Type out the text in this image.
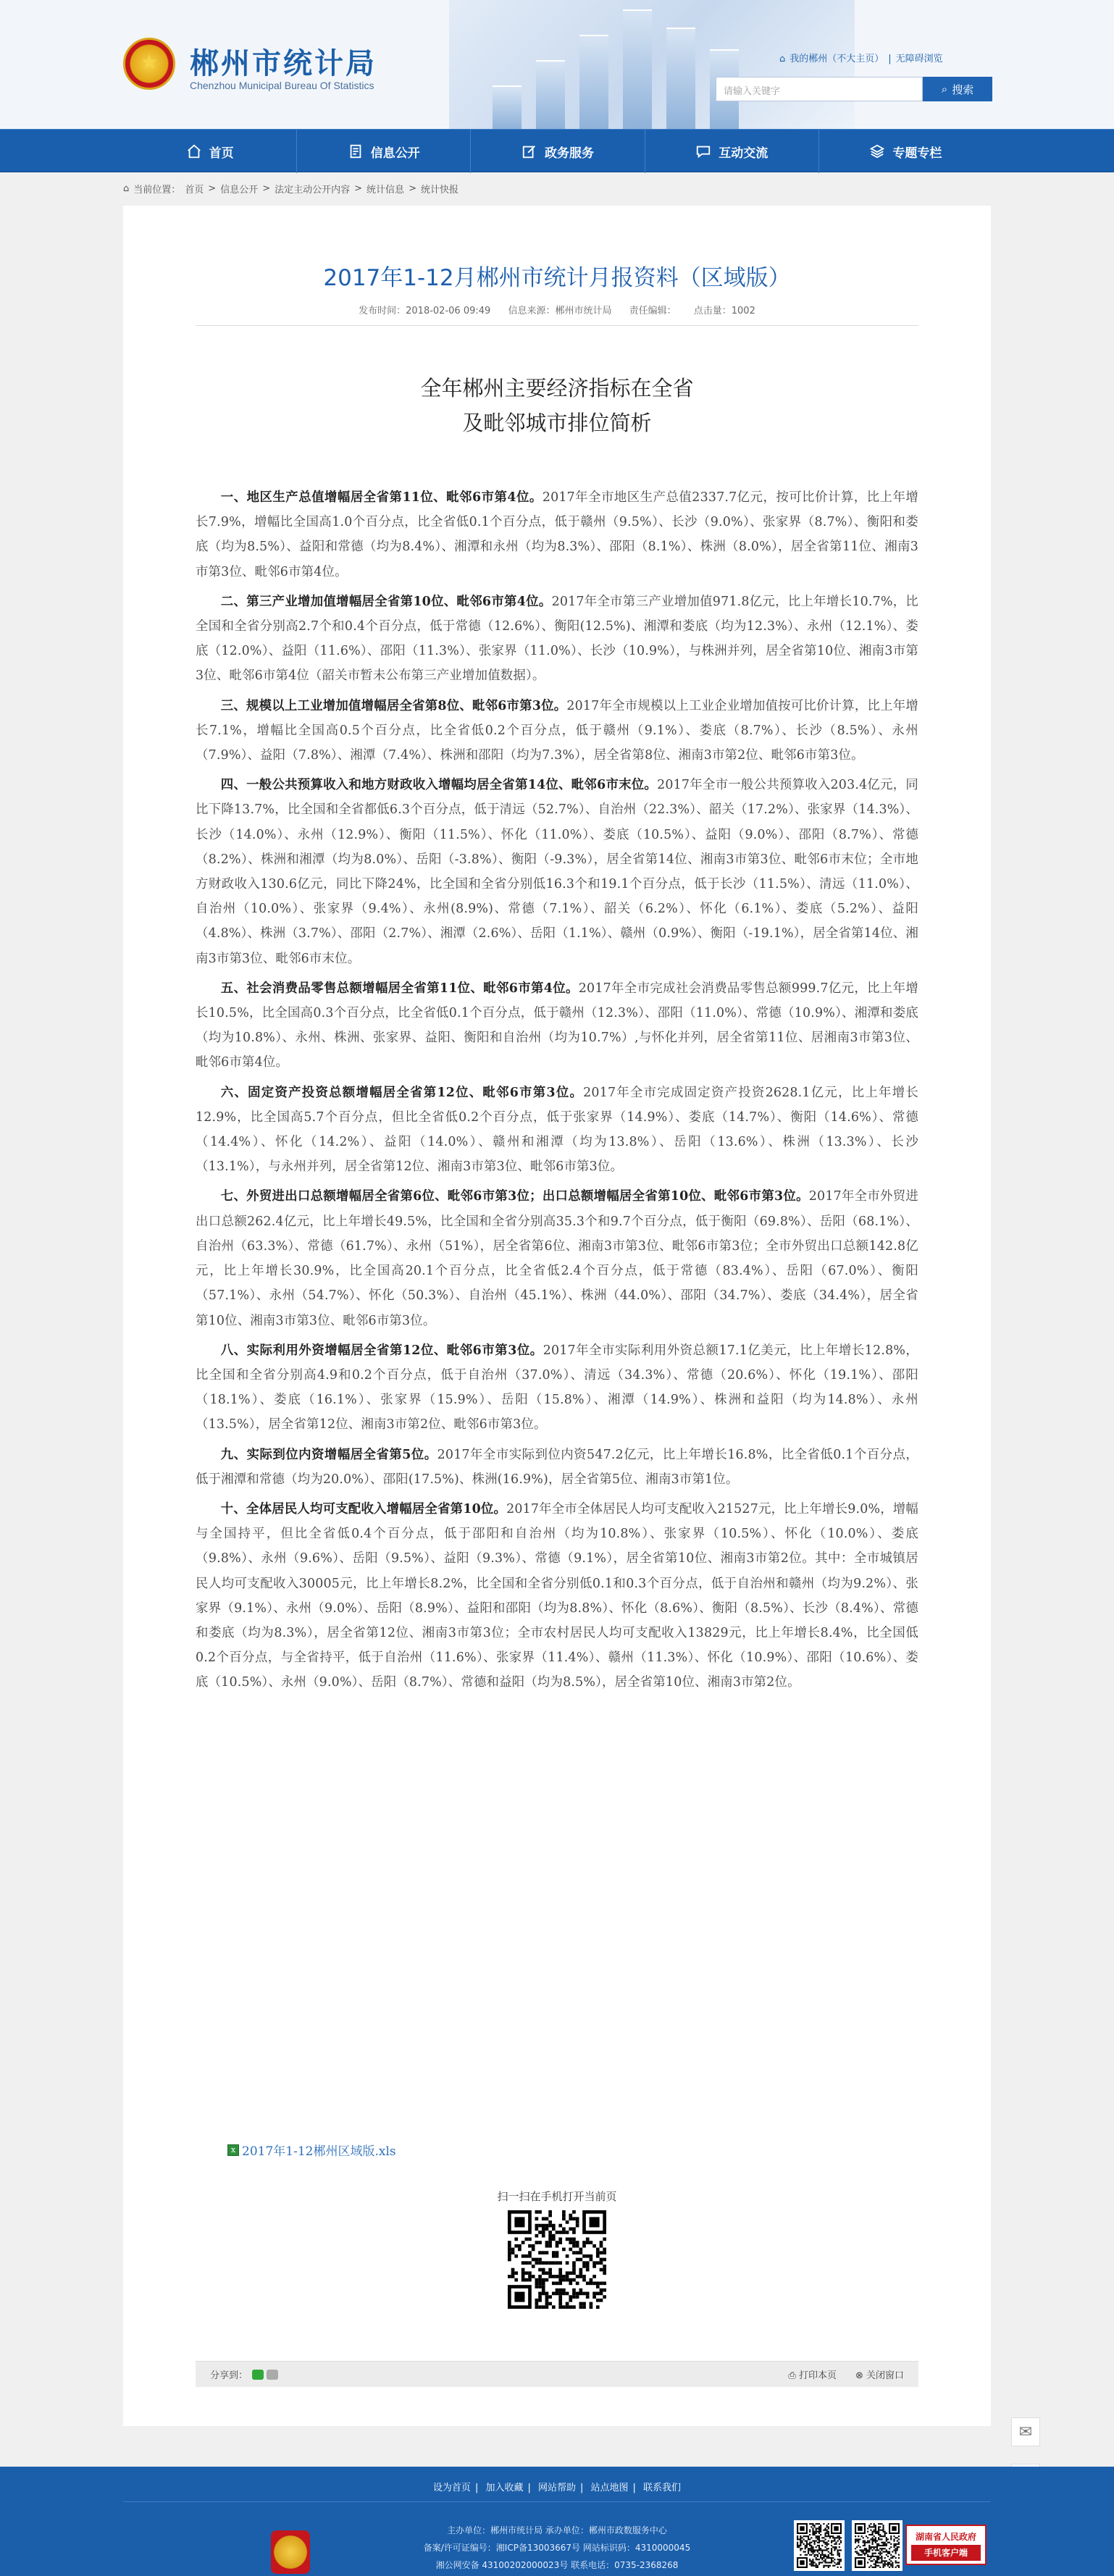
★
郴州市统计局
Chenzhou Municipal Bureau Of Statistics
⌂ 我的郴州（不大主页） | 无障碍浏览
请输入关键字	⌕ 搜索
首页	信息公开	政务服务	互动交流	专题专栏
⌂ 当前位置： 首页 > 信息公开 > 法定主动公开内容 > 统计信息 > 统计快报
2017年1-12月郴州市统计月报资料（区域版）
发布时间：2018-02-06 09:49 信息来源：郴州市统计局 责任编辑： 点击量：1002
全年郴州主要经济指标在全省
及毗邻城市排位简析

一、地区生产总值增幅居全省第11位、毗邻6市第4位。2017年全市地区生产总值2337.7亿元，按可比价计算，比上年增长7.9%，增幅比全国高1.0个百分点，比全省低0.1个百分点，低于赣州（9.5%）、长沙（9.0%）、张家界（8.7%）、衡阳和娄底（均为8.5%）、益阳和常德（均为8.4%）、湘潭和永州（均为8.3%）、邵阳（8.1%）、株洲（8.0%），居全省第11位、湘南3市第3位、毗邻6市第4位。

二、第三产业增加值增幅居全省第10位、毗邻6市第4位。2017年全市第三产业增加值971.8亿元，比上年增长10.7%，比全国和全省分别高2.7个和0.4个百分点，低于常德（12.6%）、衡阳(12.5%)、湘潭和娄底（均为12.3%）、永州（12.1%）、娄底（12.0%）、益阳（11.6%）、邵阳（11.3%）、张家界（11.0%）、长沙（10.9%），与株洲并列，居全省第10位、湘南3市第3位、毗邻6市第4位（韶关市暂未公布第三产业增加值数据）。

三、规模以上工业增加值增幅居全省第8位、毗邻6市第3位。2017年全市规模以上工业企业增加值按可比价计算，比上年增长7.1%，增幅比全国高0.5个百分点，比全省低0.2个百分点，低于赣州（9.1%）、娄底（8.7%）、长沙（8.5%）、永州（7.9%）、益阳（7.8%）、湘潭（7.4%）、株洲和邵阳（均为7.3%），居全省第8位、湘南3市第2位、毗邻6市第3位。

四、一般公共预算收入和地方财政收入增幅均居全省第14位、毗邻6市末位。2017年全市一般公共预算收入203.4亿元，同比下降13.7%，比全国和全省都低6.3个百分点，低于清远（52.7%）、自治州（22.3%）、韶关（17.2%）、张家界（14.3%）、长沙（14.0%）、永州（12.9%）、衡阳（11.5%）、怀化（11.0%）、娄底（10.5%）、益阳（9.0%）、邵阳（8.7%）、常德（8.2%）、株洲和湘潭（均为8.0%）、岳阳（-3.8%）、衡阳（-9.3%），居全省第14位、湘南3市第3位、毗邻6市末位；全市地方财政收入130.6亿元，同比下降24%，比全国和全省分别低16.3个和19.1个百分点，低于长沙（11.5%）、清远（11.0%）、自治州（10.0%）、张家界（9.4%）、永州(8.9%)、常德（7.1%）、韶关（6.2%）、怀化（6.1%）、娄底（5.2%）、益阳（4.8%）、株洲（3.7%）、邵阳（2.7%）、湘潭（2.6%）、岳阳（1.1%）、赣州（0.9%）、衡阳（-19.1%），居全省第14位、湘南3市第3位、毗邻6市末位。

五、社会消费品零售总额增幅居全省第11位、毗邻6市第4位。2017年全市完成社会消费品零售总额999.7亿元，比上年增长10.5%，比全国高0.3个百分点，比全省低0.1个百分点，低于赣州（12.3%）、邵阳（11.0%）、常德（10.9%）、湘潭和娄底（均为10.8%）、永州、株洲、张家界、益阳、衡阳和自治州（均为10.7%）,与怀化并列，居全省第11位、居湘南3市第3位、毗邻6市第4位。

六、固定资产投资总额增幅居全省第12位、毗邻6市第3位。2017年全市完成固定资产投资2628.1亿元，比上年增长12.9%，比全国高5.7个百分点，但比全省低0.2个百分点，低于张家界（14.9%）、娄底（14.7%）、衡阳（14.6%）、常德（14.4%）、怀化（14.2%）、益阳（14.0%）、赣州和湘潭（均为13.8%）、岳阳（13.6%）、株洲（13.3%）、长沙（13.1%），与永州并列，居全省第12位、湘南3市第3位、毗邻6市第3位。

七、外贸进出口总额增幅居全省第6位、毗邻6市第3位；出口总额增幅居全省第10位、毗邻6市第3位。2017年全市外贸进出口总额262.4亿元，比上年增长49.5%，比全国和全省分别高35.3个和9.7个百分点，低于衡阳（69.8%）、岳阳（68.1%）、自治州（63.3%）、常德（61.7%）、永州（51%），居全省第6位、湘南3市第3位、毗邻6市第3位；全市外贸出口总额142.8亿元，比上年增长30.9%，比全国高20.1个百分点，比全省低2.4个百分点，低于常德（83.4%）、岳阳（67.0%）、衡阳（57.1%）、永州（54.7%）、怀化（50.3%）、自治州（45.1%）、株洲（44.0%）、邵阳（34.7%）、娄底（34.4%），居全省第10位、湘南3市第3位、毗邻6市第3位。

八、实际利用外资增幅居全省第12位、毗邻6市第3位。2017年全市实际利用外资总额17.1亿美元，比上年增长12.8%，比全国和全省分别高4.9和0.2个百分点，低于自治州（37.0%）、清远（34.3%）、常德（20.6%）、怀化（19.1%）、邵阳（18.1%）、娄底（16.1%）、张家界（15.9%）、岳阳（15.8%）、湘潭（14.9%）、株洲和益阳（均为14.8%）、永州（13.5%），居全省第12位、湘南3市第2位、毗邻6市第3位。

九、实际到位内资增幅居全省第5位。2017年全市实际到位内资547.2亿元，比上年增长16.8%，比全省低0.1个百分点，低于湘潭和常德（均为20.0%）、邵阳(17.5%)、株洲(16.9%)，居全省第5位、湘南3市第1位。

十、全体居民人均可支配收入增幅居全省第10位。2017年全市全体居民人均可支配收入21527元，比上年增长9.0%，增幅与全国持平，但比全省低0.4个百分点，低于邵阳和自治州（均为10.8%）、张家界（10.5%）、怀化（10.0%）、娄底（9.8%）、永州（9.6%）、岳阳（9.5%）、益阳（9.3%）、常德（9.1%），居全省第10位、湘南3市第2位。其中：全市城镇居民人均可支配收入30005元，比上年增长8.2%，比全国和全省分别低0.1和0.3个百分点，低于自治州和赣州（均为9.2%）、张家界（9.1%）、永州（9.0%）、岳阳（8.9%）、益阳和邵阳（均为8.8%）、怀化（8.6%）、衡阳（8.5%）、长沙（8.4%）、常德和娄底（均为8.3%），居全省第12位、湘南3市第3位；全市农村居民人均可支配收入13829元，比上年增长8.4%，比全国低0.2个百分点，与全省持平，低于自治州（11.6%）、张家界（11.4%）、赣州（11.3%）、怀化（10.9%）、邵阳（10.6%）、娄底（10.5%）、永州（9.0%）、岳阳（8.7%）、常德和益阳（均为8.5%），居全省第10位、湘南3市第2位。

x 2017年1-12郴州区域版.xls
扫一扫在手机打开当前页
分享到：	⎙ 打印本页 ⊗ 关闭窗口
✉
设为首页 | 加入收藏 | 网站帮助 | 站点地图 | 联系我们
主办单位：郴州市统计局 承办单位：郴州市政数服务中心
备案/许可证编号：湘ICP备13003667号 网站标识码：4310000045
湘公网安备 43100202000023号 联系电话：0735-2368268
湖南省人民政府
手机客户端
